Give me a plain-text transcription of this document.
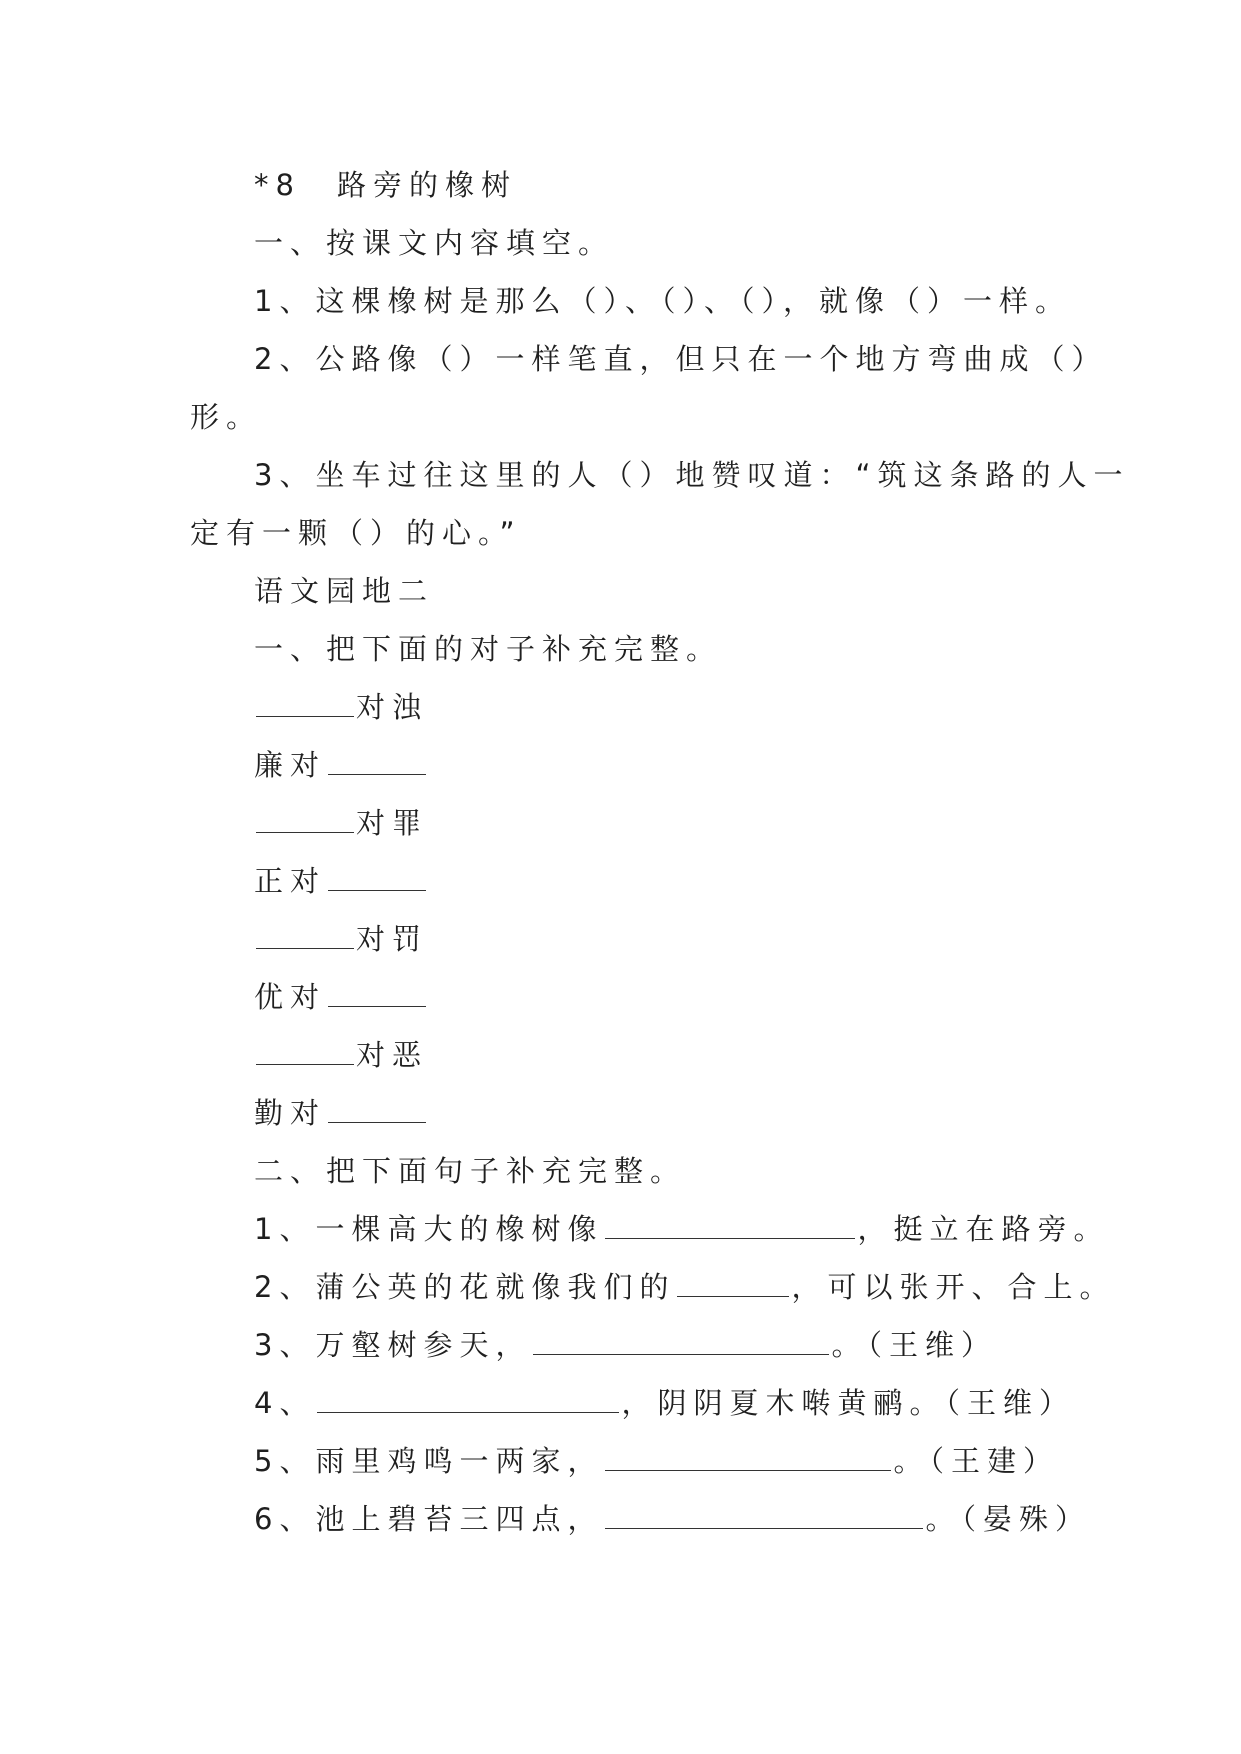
*8　路旁的橡树
一、按课文内容填空。
1、这棵橡树是那么（）、（）、（），就像（）一样。
2、公路像（）一样笔直，但只在一个地方弯曲成（）
形。
3、坐车过往这里的人（）地赞叹道：“筑这条路的人一
定有一颗（）的心。”
语文园地二
一、把下面的对子补充完整。
对浊
廉对
对罪
正对
对罚
优对
对恶
勤对
二、把下面句子补充完整。
1、一棵高大的橡树像	，挺立在路旁。
2、蒲公英的花就像我们的	，可以张开、合上。
3、万壑树参天，	。（王维）
4、	，阴阴夏木啭黄鹂。（王维）
5、雨里鸡鸣一两家，	。（王建）
6、池上碧苔三四点，	。（晏殊）
